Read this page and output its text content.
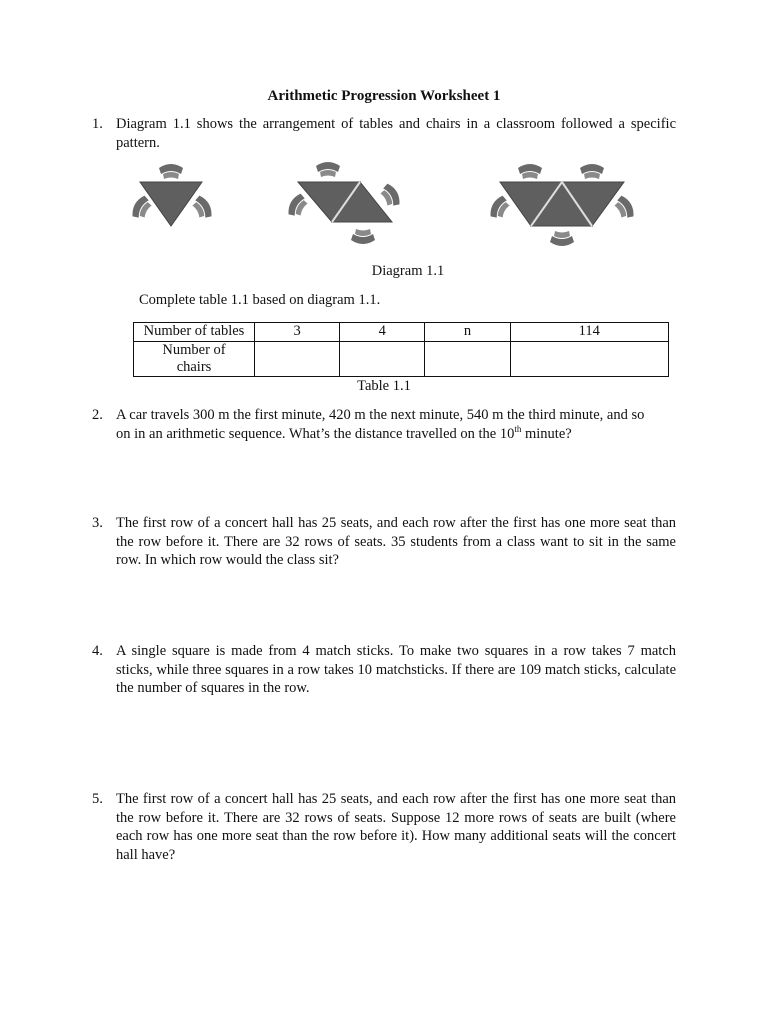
Arithmetic Progression Worksheet 1
1. Diagram 1.1 shows the arrangement of tables and chairs in a classroom followed a specific pattern.

Diagram 1.1
Complete table 1.1 based on diagram 1.1.
Number of tables	3	4	n	114
Number of
chairs				
Table 1.1
2. A car travels 300 m the first minute, 420 m the next minute, 540 m the third minute, and so

on in an arithmetic sequence. What’s the distance travelled on the 10th minute?

3. The first row of a concert hall has 25 seats, and each row after the first has one more seat than the row before it. There are 32 rows of seats. 35 students from a class want to sit in the same row. In which row would the class sit?

4. A single square is made from 4 match sticks. To make two squares in a row takes 7 match sticks, while three squares in a row takes 10 matchsticks. If there are 109 match sticks, calculate the number of squares in the row.

5. The first row of a concert hall has 25 seats, and each row after the first has one more seat than the row before it. There are 32 rows of seats. Suppose 12 more rows of seats are built (where each row has one more seat than the row before it). How many additional seats will the concert hall have?
